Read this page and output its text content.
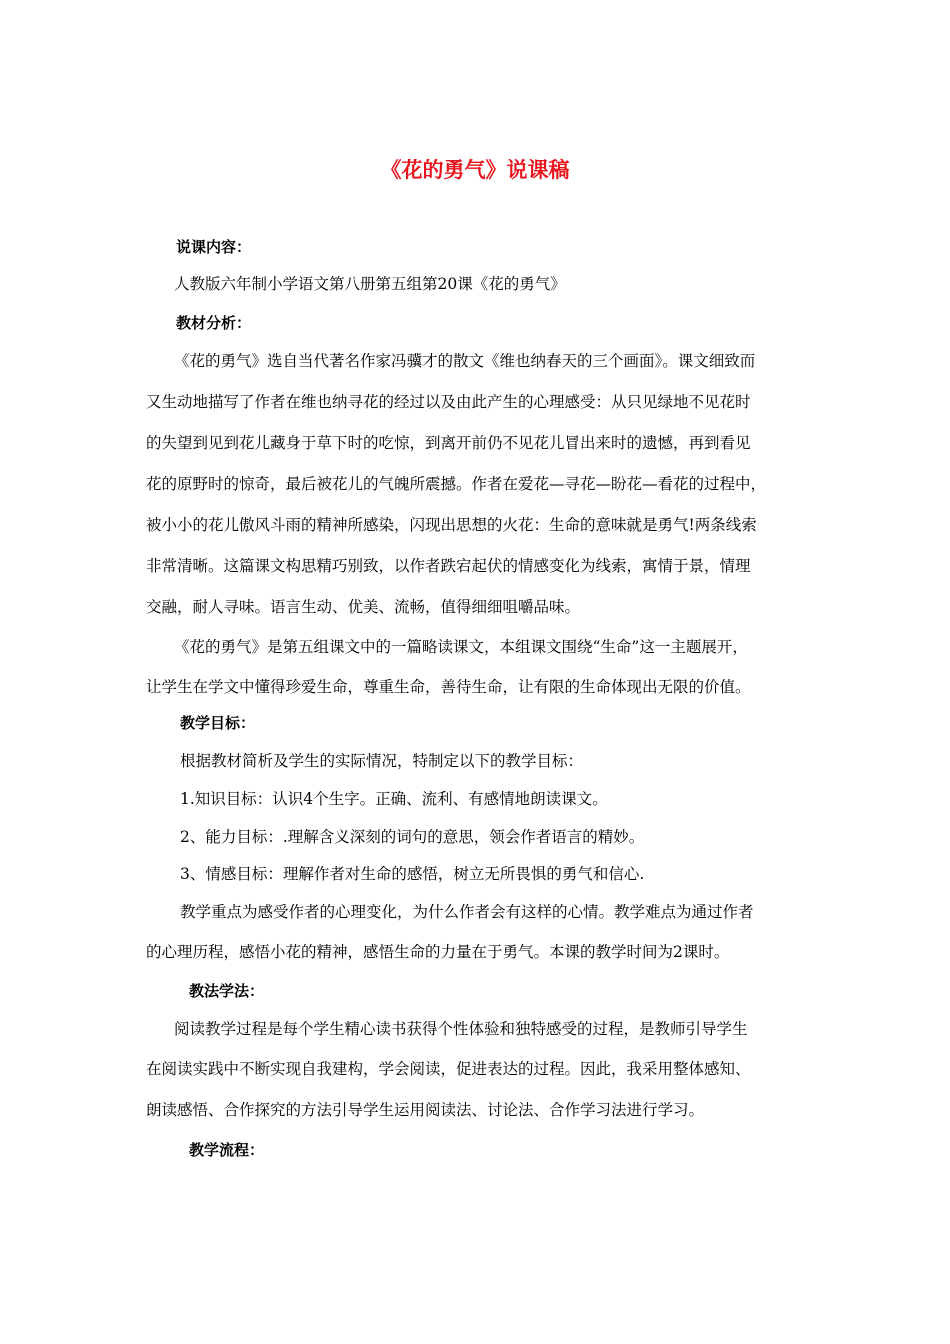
《花的勇气》说课稿
说课内容：
人教版六年制小学语文第八册第五组第20课《花的勇气》
教材分析：
《花的勇气》选自当代著名作家冯骥才的散文《维也纳春天的三个画面》。课文细致而
又生动地描写了作者在维也纳寻花的经过以及由此产生的心理感受：从只见绿地不见花时
的失望到见到花儿藏身于草下时的吃惊，到离开前仍不见花儿冒出来时的遗憾，再到看见
花的原野时的惊奇，最后被花儿的气魄所震撼。作者在爱花—寻花—盼花—看花的过程中，
被小小的花儿傲风斗雨的精神所感染，闪现出思想的火花：生命的意味就是勇气!两条线索
非常清晰。这篇课文构思精巧别致，以作者跌宕起伏的情感变化为线索，寓情于景，情理
交融，耐人寻味。语言生动、优美、流畅，值得细细咀嚼品味。
《花的勇气》是第五组课文中的一篇略读课文，本组课文围绕“生命”这一主题展开，
让学生在学文中懂得珍爱生命，尊重生命，善待生命，让有限的生命体现出无限的价值。
教学目标：
根据教材简析及学生的实际情况，特制定以下的教学目标：
1.知识目标：认识4个生字。正确、流利、有感情地朗读课文。
2、能力目标：.理解含义深刻的词句的意思，领会作者语言的精妙。
3、情感目标：理解作者对生命的感悟，树立无所畏惧的勇气和信心.
教学重点为感受作者的心理变化，为什么作者会有这样的心情。教学难点为通过作者
的心理历程，感悟小花的精神，感悟生命的力量在于勇气。本课的教学时间为2课时。
教法学法：
阅读教学过程是每个学生精心读书获得个性体验和独特感受的过程，是教师引导学生
在阅读实践中不断实现自我建构，学会阅读，促进表达的过程。因此，我采用整体感知、
朗读感悟、合作探究的方法引导学生运用阅读法、讨论法、合作学习法进行学习。
教学流程：
